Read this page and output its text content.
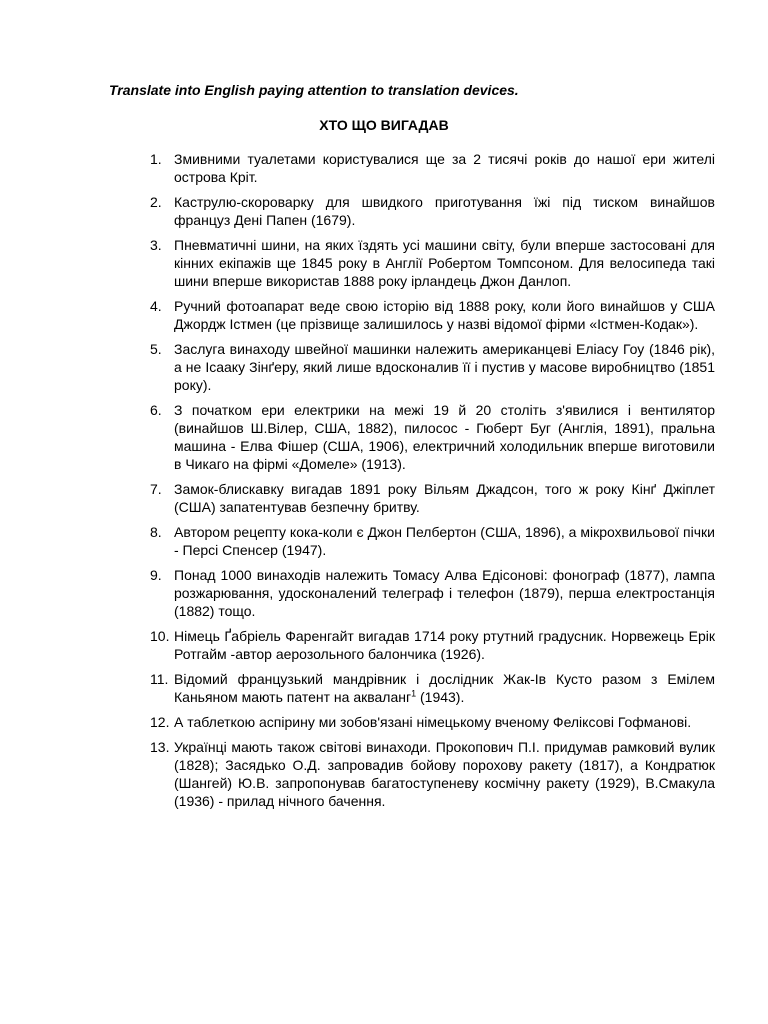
Translate into English paying attention to translation devices.
ХТО ЩО ВИГАДАВ
1. Змивними туалетами користувалися ще за 2 тисячі років до нашої ери жителі острова Кріт.
2. Каструлю-скороварку для швидкого приготування їжі під тиском винайшов француз Дені Папен (1679).
3. Пневматичні шини, на яких їздять усі машини світу, були вперше застосовані для кінних екіпажів ще 1845 року в Англії Робертом Томпсоном. Для велосипеда такі шини вперше використав 1888 року ірландець Джон Данлоп.
4. Ручний фотоапарат веде свою історію від 1888 року, коли його винайшов у США Джордж Істмен (це прізвище залишилось у назві відомої фірми «Істмен-Кодак»).
5. Заслуга винаходу швейної машинки належить американцеві Еліасу Гоу (1846 рік), а не Ісааку Зінґеру, який лише вдосконалив її і пустив у масове виробництво (1851 року).
6. З початком ери електрики на межі 19 й 20 століть з'явилися і вентилятор (винайшов Ш.Вілер, США, 1882), пилосос - Гюберт Буг (Англія, 1891), пральна машина - Елва Фішер (США, 1906), електричний холодильник вперше виготовили в Чикаго на фірмі «Домеле» (1913).
7. Замок-блискавку вигадав 1891 року Вільям Джадсон, того ж року Кінґ Джіплет (США) запатентував безпечну бритву.
8. Автором рецепту кока-коли є Джон Пелбертон (США, 1896), а мікрохвильової пічки - Персі Спенсер (1947).
9. Понад 1000 винаходів належить Томасу Алва Едісонові: фонограф (1877), лампа розжарювання, удосконалений телеграф і телефон (1879), перша електростанція (1882) тощо.
10. Німець Ґабріель Фаренгайт вигадав 1714 року ртутний градусник. Норвежець Ерік Ротгайм -автор аерозольного балончика (1926).
11. Відомий французький мандрівник і дослідник Жак-Ів Кусто разом з Емілем Каньяном мають патент на акваланг$^1$ (1943).
12. А таблеткою аспірину ми зобов'язані німецькому вченому Феліксові Гофманові.
13. Українці мають також світові винаходи. Прокопович П.І. придумав рамковий вулик (1828); Засядько О.Д. запровадив бойову порохову ракету (1817), а Кондратюк (Шангей) Ю.В. запропонував багатоступеневу космічну ракету (1929), В.Смакула (1936) - прилад нічного бачення.
